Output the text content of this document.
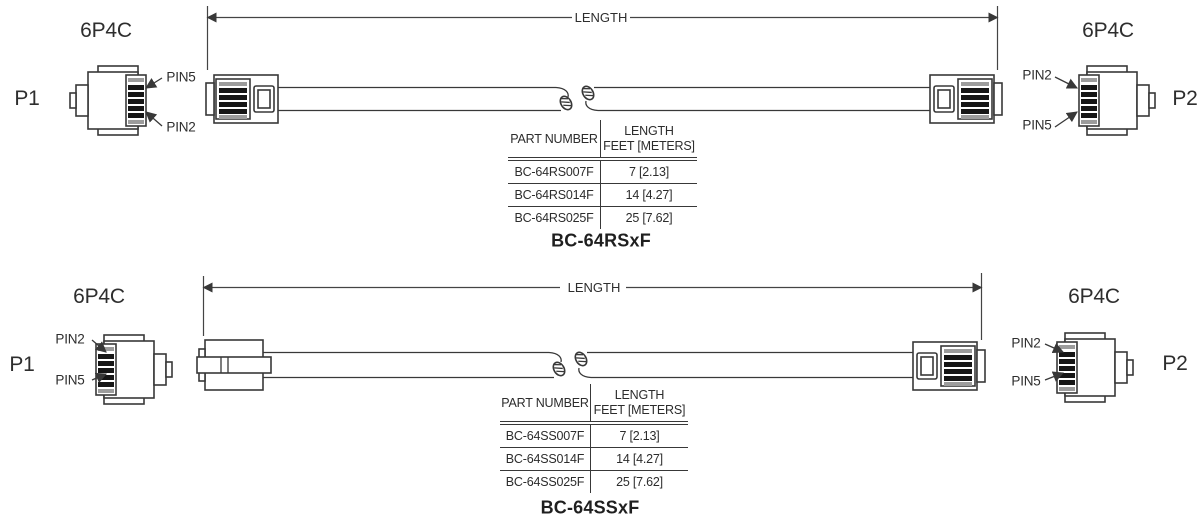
LENGTH
6P4C
P1
PIN5
PIN2
PIN2
PIN5
6P4C
P2
PART NUMBER
LENGTH
FEET [METERS]
BC-64RS007F	7 [2.13]
BC-64RS014F	14 [4.27]
BC-64RS025F	25 [7.62]
BC-64RSxF
LENGTH
6P4C
P1
PIN2
PIN5
PIN2
PIN5
6P4C
P2
PART NUMBER
LENGTH
FEET [METERS]
BC-64SS007F	7 [2.13]
BC-64SS014F	14 [4.27]
BC-64SS025F	25 [7.62]
BC-64SSxF
